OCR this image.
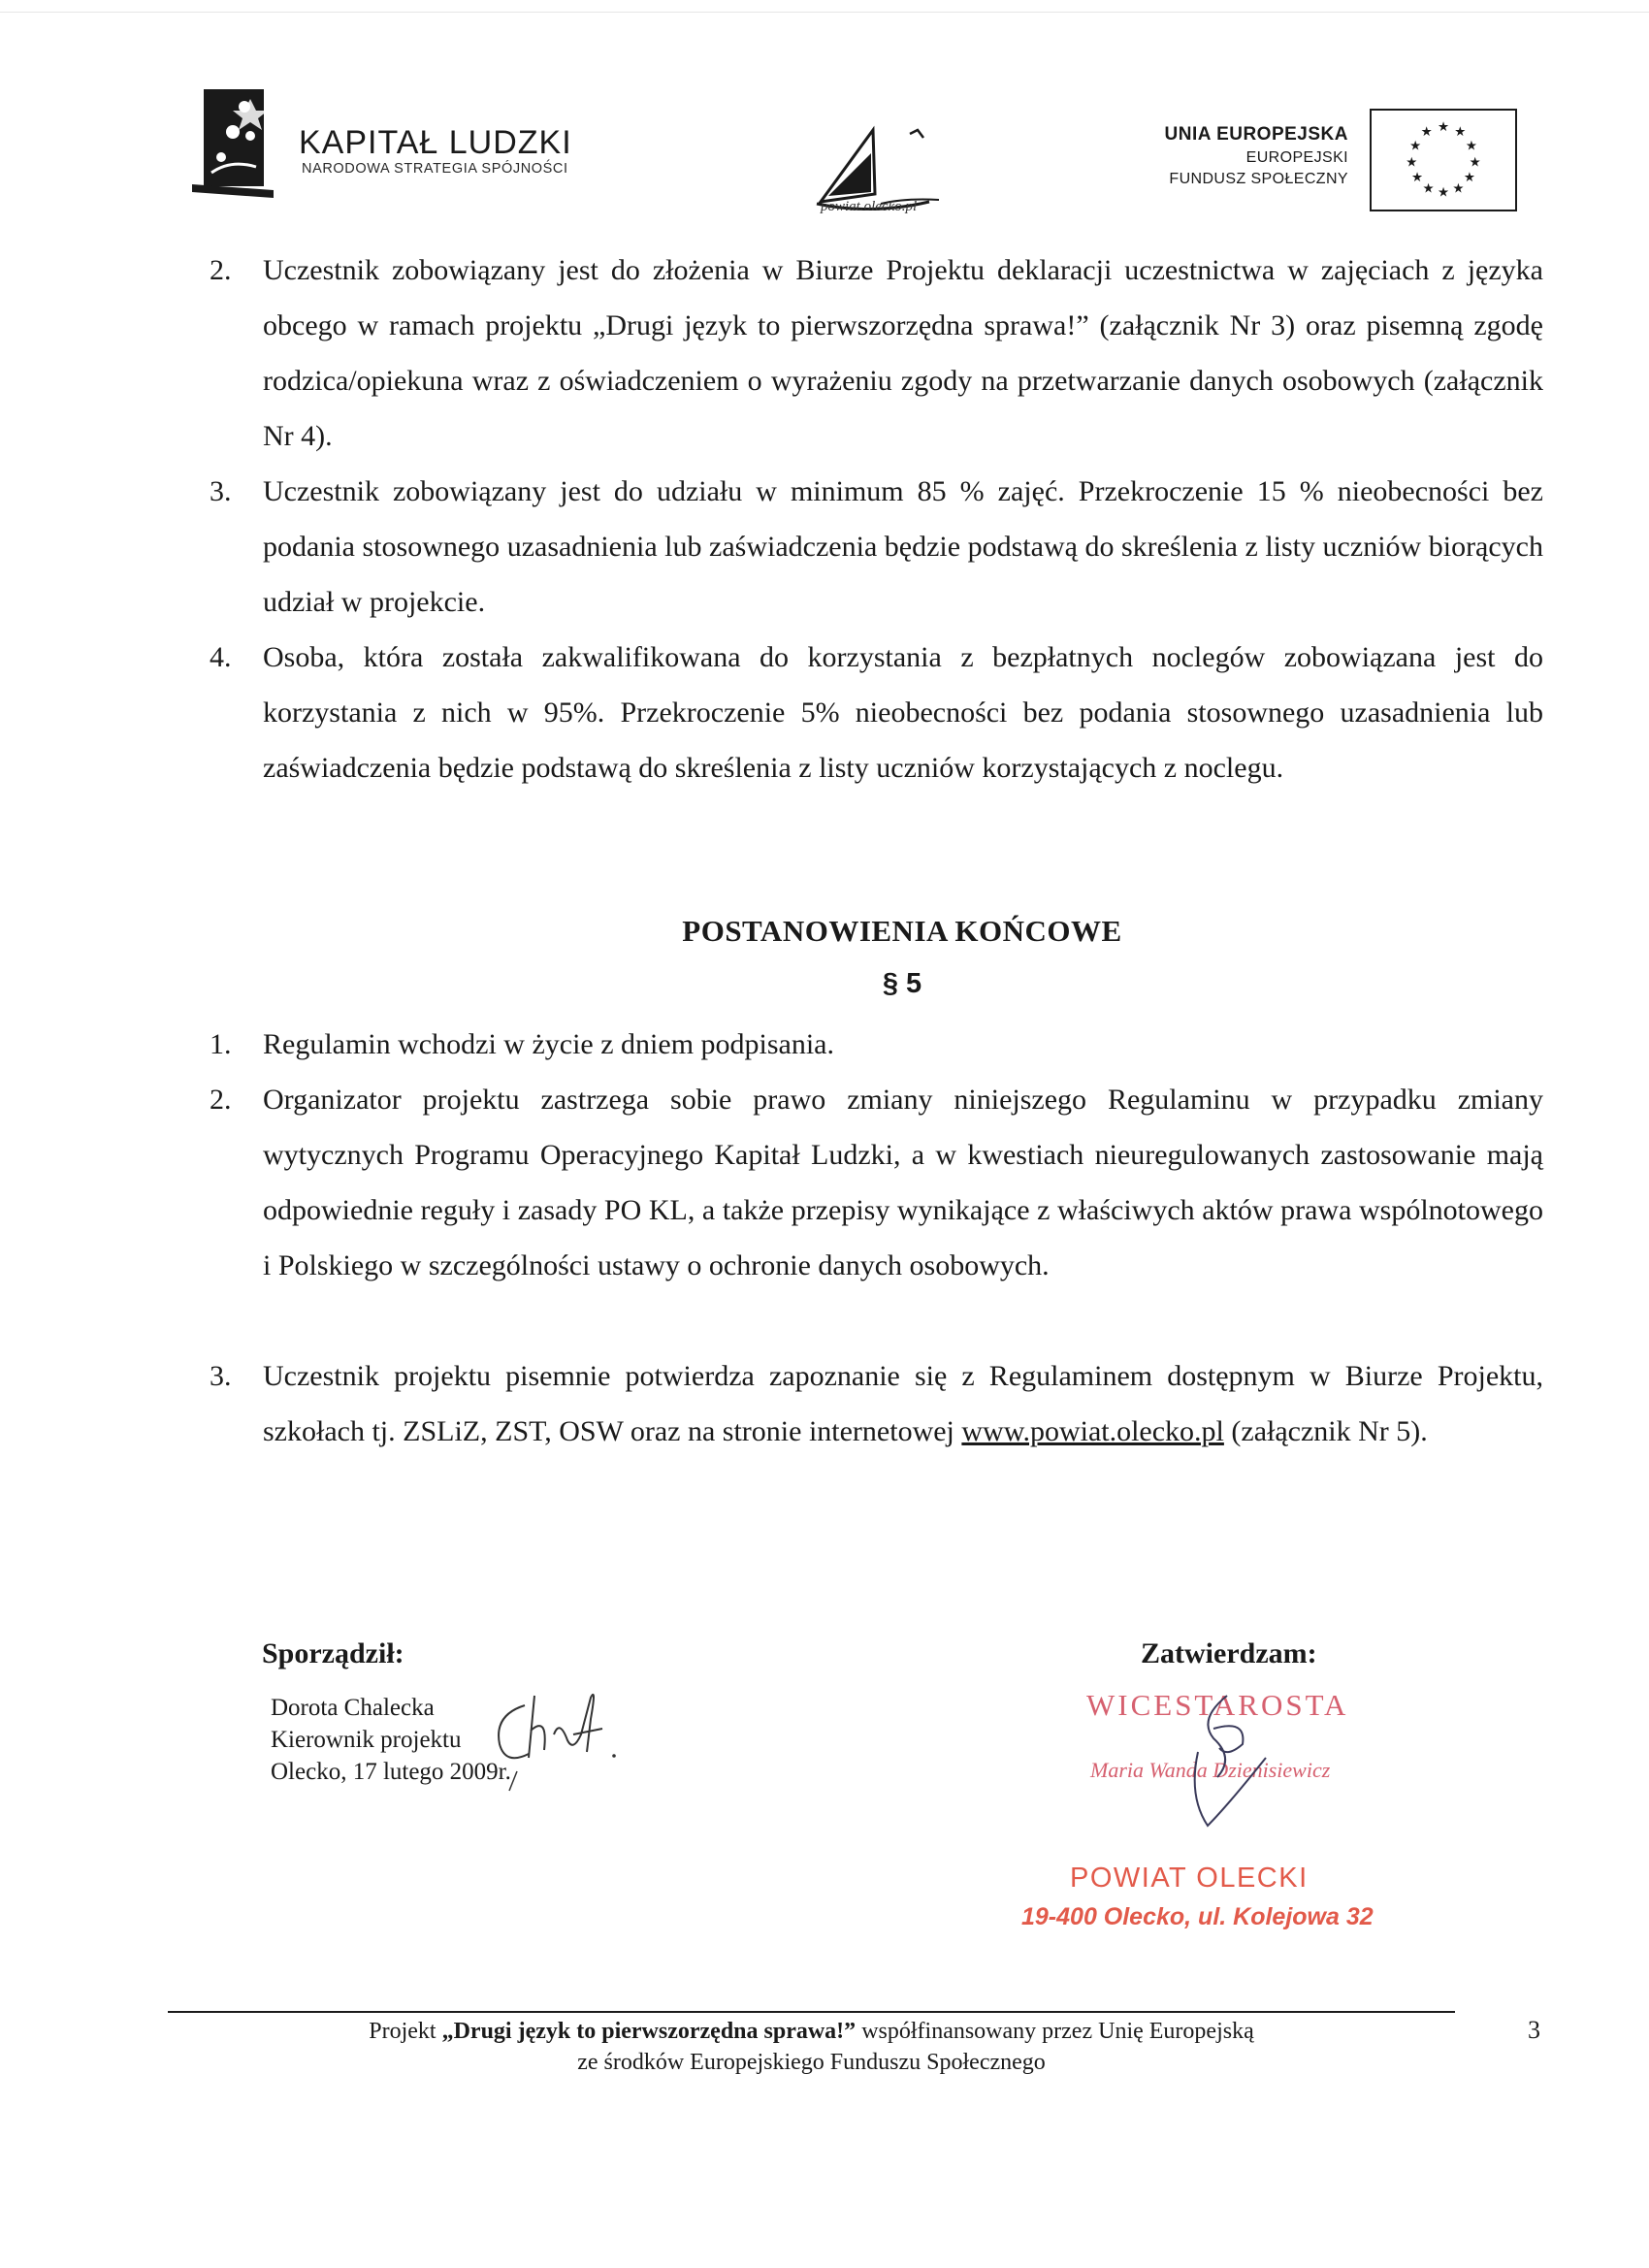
KAPITAŁ LUDZKI
NARODOWA STRATEGIA SPÓJNOŚCI
powiat.olecko.pl
UNIA EUROPEJSKA
EUROPEJSKI
FUNDUSZ SPOŁECZNY
★ ★
★
★
★
★
★
★
★
★
★ ★
2.	Uczestnik zobowiązany jest do złożenia w Biurze Projektu deklaracji uczestnictwa w zajęciach z języka obcego w ramach projektu „Drugi język to pierwszorzędna sprawa!” (załącznik Nr 3) oraz pisemną zgodę rodzica/opiekuna wraz z oświadczeniem o wyrażeniu zgody na przetwarzanie danych osobowych (załącznik Nr 4).
3.	Uczestnik zobowiązany jest do udziału w minimum 85 % zajęć. Przekroczenie 15 % nieobecności bez podania stosownego uzasadnienia lub zaświadczenia będzie podstawą do skreślenia z listy uczniów biorących udział w projekcie.
4.	Osoba, która została zakwalifikowana do korzystania z bezpłatnych noclegów zobowiązana jest do korzystania z nich w 95%. Przekroczenie 5% nieobecności bez podania stosownego uzasadnienia lub zaświadczenia będzie podstawą do skreślenia z listy uczniów korzystających z noclegu.
POSTANOWIENIA KOŃCOWE
§ 5
1.	Regulamin wchodzi w życie z dniem podpisania.
2.	Organizator projektu zastrzega sobie prawo zmiany niniejszego Regulaminu w przypadku zmiany wytycznych Programu Operacyjnego Kapitał Ludzki, a w kwestiach nieuregulowanych zastosowanie mają odpowiednie reguły i zasady PO KL, a także przepisy wynikające z właściwych aktów prawa wspólnotowego i Polskiego w szczególności ustawy o ochronie danych osobowych.
3.	Uczestnik projektu pisemnie potwierdza zapoznanie się z Regulaminem dostępnym w Biurze Projektu, szkołach tj. ZSLiZ, ZST, OSW oraz na stronie internetowej www.powiat.olecko.pl (załącznik Nr 5).
Sporządził:
Dorota Chalecka
Kierownik projektu
Olecko, 17 lutego 2009r.
Zatwierdzam:
WICESTAROSTA
Maria Wanda Dzienisiewicz
POWIAT OLECKI
19-400 Olecko, ul. Kolejowa 32
Projekt „Drugi język to pierwszorzędna sprawa!” współfinansowany przez Unię Europejską
ze środków Europejskiego Funduszu Społecznego
3
